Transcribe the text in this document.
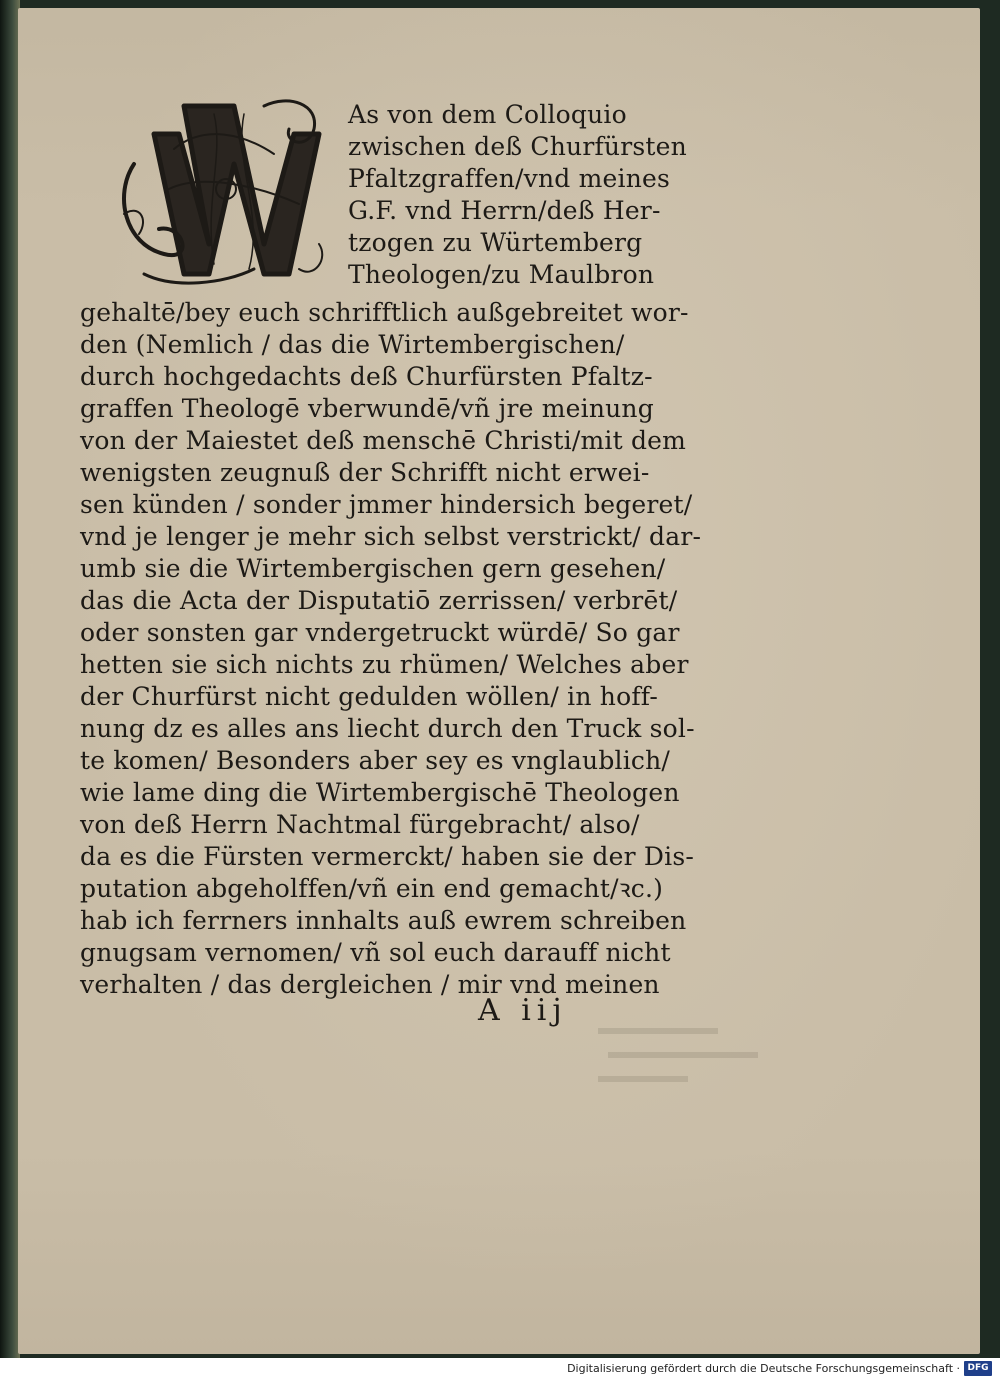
As von dem Colloquio
zwischen deß Churfürsten
Pfaltzgraffen/vnd meines
G.F. vnd Herrn/deß Her-
tzogen zu Würtemberg
Theologen/zu Maulbron
gehaltē/bey euch schrifftlich außgebreitet wor-
den (Nemlich / das die Wirtembergischen/
durch hochgedachts deß Churfürsten Pfaltz-
graffen Theologē vberwundē/vñ jre meinung
von der Maiestet deß menschē Christi/mit dem
wenigsten zeugnuß der Schrifft nicht erwei-
sen künden / sonder jmmer hindersich begeret/
vnd je lenger je mehr sich selbst verstrickt/ dar-
umb sie die Wirtembergischen gern gesehen/
das die Acta der Disputatiō zerrissen/ verbrēt/
oder sonsten gar vndergetruckt würdē/ So gar
hetten sie sich nichts zu rhümen/ Welches aber
der Churfürst nicht gedulden wöllen/ in hoff-
nung dz es alles ans liecht durch den Truck sol-
te komen/ Besonders aber sey es vnglaublich/
wie lame ding die Wirtembergischē Theologen
von deß Herrn Nachtmal fürgebracht/ also/
da es die Fürsten vermerckt/ haben sie der Dis-
putation abgeholffen/vñ ein end gemacht/ꝛc.)
hab ich ferrners innhalts auß ewrem schreiben
gnugsam vernomen/ vñ sol euch darauff nicht
verhalten / das dergleichen / mir vnd meinen
A iij
Digitalisierung gefördert durch die Deutsche Forschungsgemeinschaft · DFG
